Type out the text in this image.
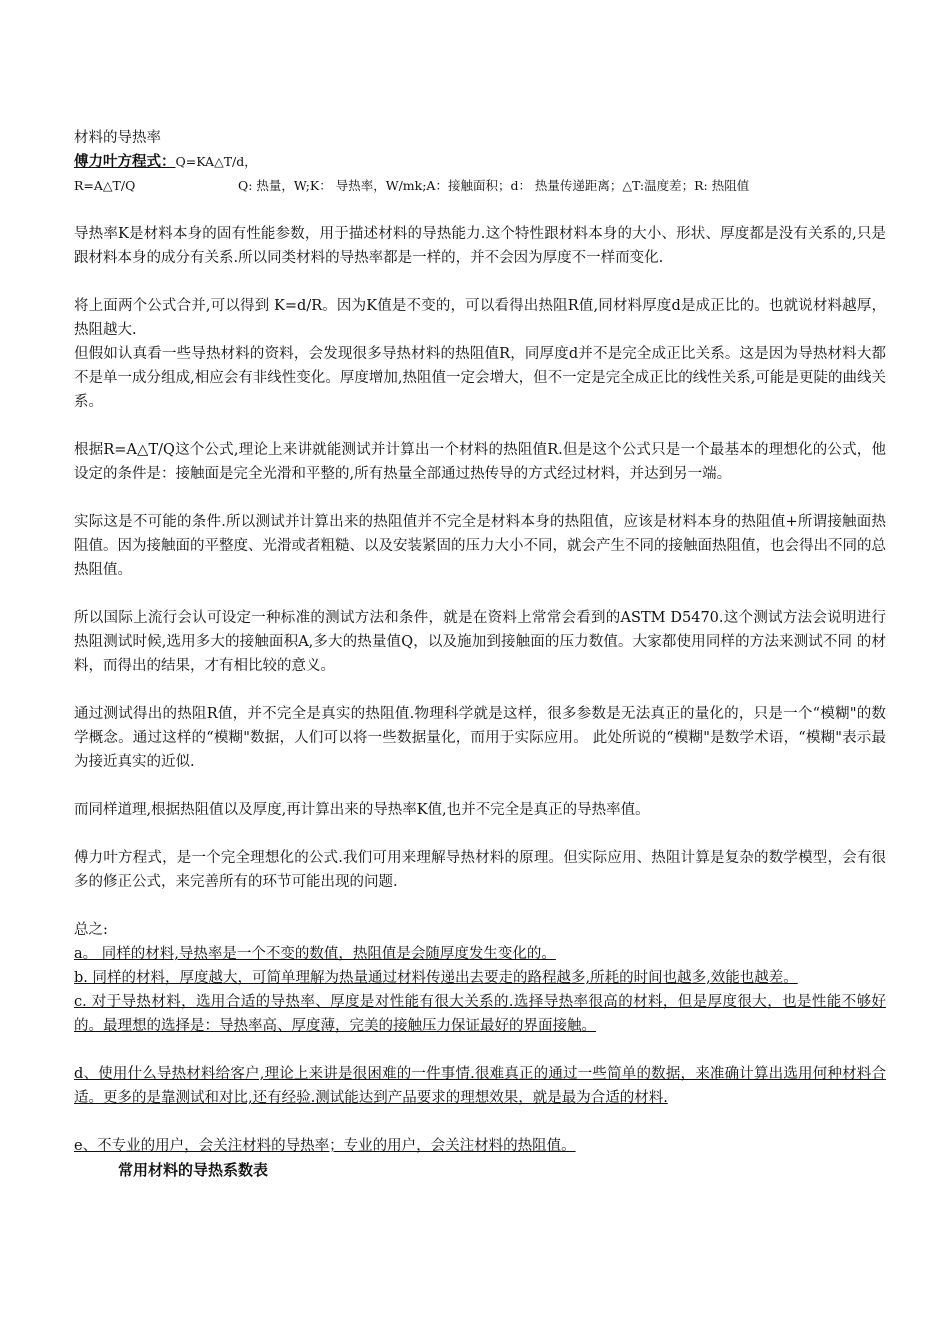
材料的导热率
傅力叶方程式：Q=KA△T/d，
R=A△T/Q	Q: 热量，W;K： 导热率，W/mk;A：接触面积；d： 热量传递距离；△T:温度差；R: 热阻值
导热率K是材料本身的固有性能参数，用于描述材料的导热能力.这个特性跟材料本身的大小、形状、厚度都是没有关系的,只是跟材料本身的成分有关系.所以同类材料的导热率都是一样的，并不会因为厚度不一样而变化.
将上面两个公式合并,可以得到 K=d/R。因为K值是不变的，可以看得出热阻R值,同材料厚度d是成正比的。也就说材料越厚，热阻越大.
但假如认真看一些导热材料的资料，会发现很多导热材料的热阻值R，同厚度d并不是完全成正比关系。这是因为导热材料大都不是单一成分组成,相应会有非线性变化。厚度增加,热阻值一定会增大，但不一定是完全成正比的线性关系,可能是更陡的曲线关系。
根据R=A△T/Q这个公式,理论上来讲就能测试并计算出一个材料的热阻值R.但是这个公式只是一个最基本的理想化的公式，他设定的条件是：接触面是完全光滑和平整的,所有热量全部通过热传导的方式经过材料，并达到另一端。
实际这是不可能的条件.所以测试并计算出来的热阻值并不完全是材料本身的热阻值，应该是材料本身的热阻值+所谓接触面热阻值。因为接触面的平整度、光滑或者粗糙、以及安装紧固的压力大小不同，就会产生不同的接触面热阻值，也会得出不同的总热阻值。
所以国际上流行会认可设定一种标准的测试方法和条件，就是在资料上常常会看到的ASTM D5470.这个测试方法会说明进行热阻测试时候,选用多大的接触面积A,多大的热量值Q，以及施加到接触面的压力数值。大家都使用同样的方法来测试不同 的材料，而得出的结果，才有相比较的意义。
通过测试得出的热阻R值，并不完全是真实的热阻值.物理科学就是这样，很多参数是无法真正的量化的，只是一个“模糊"的数学概念。通过这样的“模糊"数据，人们可以将一些数据量化，而用于实际应用。 此处所说的“模糊"是数学术语，“模糊"表示最为接近真实的近似.
而同样道理,根据热阻值以及厚度,再计算出来的导热率K值,也并不完全是真正的导热率值。
傅力叶方程式，是一个完全理想化的公式.我们可用来理解导热材料的原理。但实际应用、热阻计算是复杂的数学模型，会有很多的修正公式，来完善所有的环节可能出现的问题.
总之:
a。 同样的材料,导热率是一个不变的数值，热阻值是会随厚度发生变化的。
b. 同样的材料，厚度越大，可简单理解为热量通过材料传递出去要走的路程越多,所耗的时间也越多,效能也越差。
c. 对于导热材料，选用合适的导热率、厚度是对性能有很大关系的.选择导热率很高的材料，但是厚度很大，也是性能不够好的。最理想的选择是：导热率高、厚度薄，完美的接触压力保证最好的界面接触。
d、使用什么导热材料给客户,理论上来讲是很困难的一件事情.很难真正的通过一些简单的数据，来准确计算出选用何种材料合适。更多的是靠测试和对比,还有经验.测试能达到产品要求的理想效果，就是最为合适的材料.
e、不专业的用户，会关注材料的导热率；专业的用户，会关注材料的热阻值。
常用材料的导热系数表
